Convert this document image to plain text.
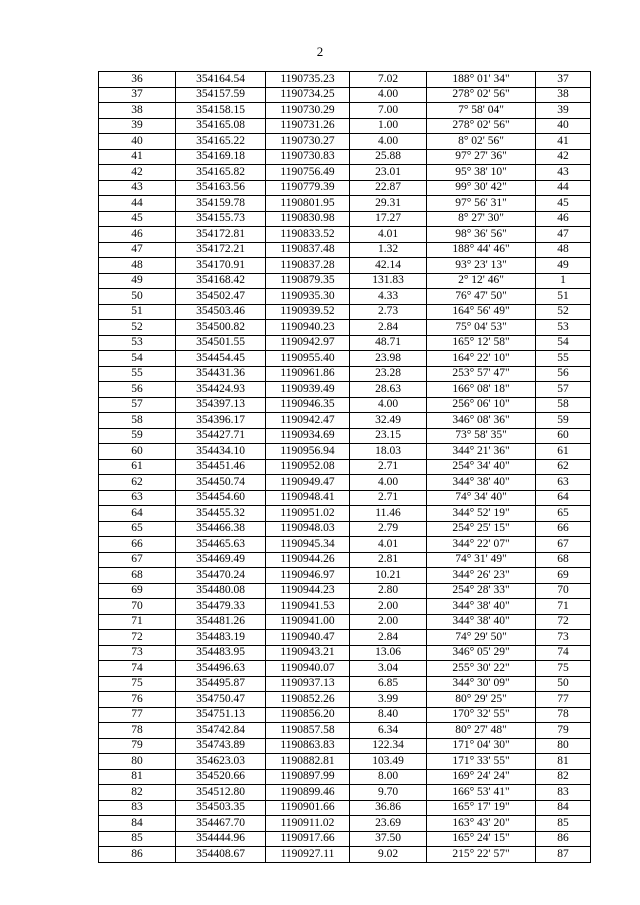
2
36	354164.54	1190735.23	7.02	188° 01' 34"	37
37	354157.59	1190734.25	4.00	278° 02' 56"	38
38	354158.15	1190730.29	7.00	7° 58' 04"	39
39	354165.08	1190731.26	1.00	278° 02' 56"	40
40	354165.22	1190730.27	4.00	8° 02' 56"	41
41	354169.18	1190730.83	25.88	97° 27' 36"	42
42	354165.82	1190756.49	23.01	95° 38' 10"	43
43	354163.56	1190779.39	22.87	99° 30' 42"	44
44	354159.78	1190801.95	29.31	97° 56' 31"	45
45	354155.73	1190830.98	17.27	8° 27' 30"	46
46	354172.81	1190833.52	4.01	98° 36' 56"	47
47	354172.21	1190837.48	1.32	188° 44' 46"	48
48	354170.91	1190837.28	42.14	93° 23' 13"	49
49	354168.42	1190879.35	131.83	2° 12' 46"	1
50	354502.47	1190935.30	4.33	76° 47' 50"	51
51	354503.46	1190939.52	2.73	164° 56' 49"	52
52	354500.82	1190940.23	2.84	75° 04' 53"	53
53	354501.55	1190942.97	48.71	165° 12' 58"	54
54	354454.45	1190955.40	23.98	164° 22' 10"	55
55	354431.36	1190961.86	23.28	253° 57' 47"	56
56	354424.93	1190939.49	28.63	166° 08' 18"	57
57	354397.13	1190946.35	4.00	256° 06' 10"	58
58	354396.17	1190942.47	32.49	346° 08' 36"	59
59	354427.71	1190934.69	23.15	73° 58' 35"	60
60	354434.10	1190956.94	18.03	344° 21' 36"	61
61	354451.46	1190952.08	2.71	254° 34' 40"	62
62	354450.74	1190949.47	4.00	344° 38' 40"	63
63	354454.60	1190948.41	2.71	74° 34' 40"	64
64	354455.32	1190951.02	11.46	344° 52' 19"	65
65	354466.38	1190948.03	2.79	254° 25' 15"	66
66	354465.63	1190945.34	4.01	344° 22' 07"	67
67	354469.49	1190944.26	2.81	74° 31' 49"	68
68	354470.24	1190946.97	10.21	344° 26' 23"	69
69	354480.08	1190944.23	2.80	254° 28' 33"	70
70	354479.33	1190941.53	2.00	344° 38' 40"	71
71	354481.26	1190941.00	2.00	344° 38' 40"	72
72	354483.19	1190940.47	2.84	74° 29' 50"	73
73	354483.95	1190943.21	13.06	346° 05' 29"	74
74	354496.63	1190940.07	3.04	255° 30' 22"	75
75	354495.87	1190937.13	6.85	344° 30' 09"	50
76	354750.47	1190852.26	3.99	80° 29' 25"	77
77	354751.13	1190856.20	8.40	170° 32' 55"	78
78	354742.84	1190857.58	6.34	80° 27' 48"	79
79	354743.89	1190863.83	122.34	171° 04' 30"	80
80	354623.03	1190882.81	103.49	171° 33' 55"	81
81	354520.66	1190897.99	8.00	169° 24' 24"	82
82	354512.80	1190899.46	9.70	166° 53' 41"	83
83	354503.35	1190901.66	36.86	165° 17' 19"	84
84	354467.70	1190911.02	23.69	163° 43' 20"	85
85	354444.96	1190917.66	37.50	165° 24' 15"	86
86	354408.67	1190927.11	9.02	215° 22' 57"	87
